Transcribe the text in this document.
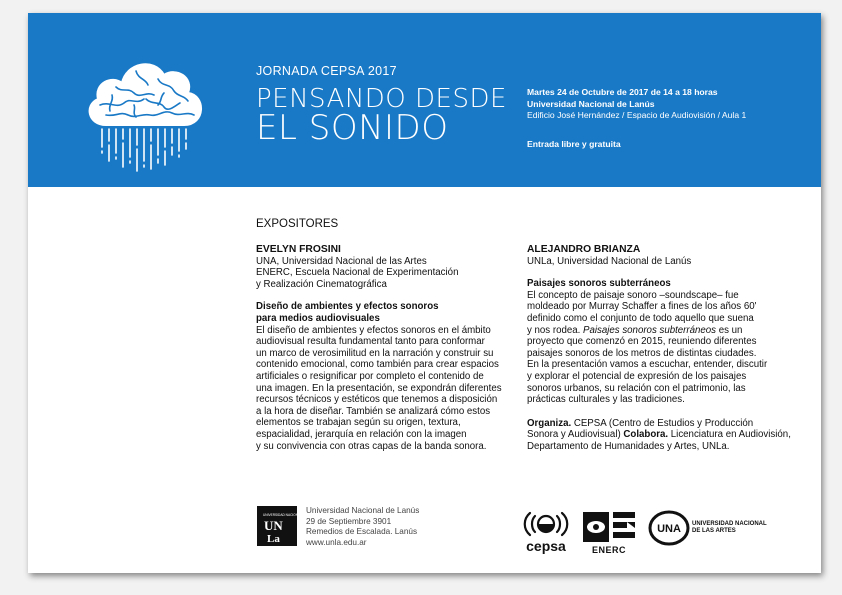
JORNADA CEPSA 2017
PENSANDO DESDE
EL SONIDO
Martes 24 de Octubre de 2017 de 14 a 18 horas
Universidad Nacional de Lanús
Edificio José Hernández / Espacio de Audiovisión / Aula 1
Entrada libre y gratuita
EXPOSITORES
EVELYN FROSINI
UNA, Universidad Nacional de las Artes
ENERC, Escuela Nacional de Experimentación
y Realización Cinematográfica
Diseño de ambientes y efectos sonoros
para medios audiovisuales
El diseño de ambientes y efectos sonoros en el ámbito
audiovisual resulta fundamental tanto para conformar
un marco de verosimilitud en la narración y construir su
contenido emocional, como también para crear espacios
artificiales o resignificar por completo el contenido de
una imagen. En la presentación, se expondrán diferentes
recursos técnicos y estéticos que tenemos a disposición
a la hora de diseñar. También se analizará cómo estos
elementos se trabajan según su origen, textura,
espacialidad, jerarquía en relación con la imagen
y su convivencia con otras capas de la banda sonora.
ALEJANDRO BRIANZA
UNLa, Universidad Nacional de Lanús
Paisajes sonoros subterráneos
El concepto de paisaje sonoro –soundscape– fue
moldeado por Murray Schaffer a fines de los años 60'
definido como el conjunto de todo aquello que suena
y nos rodea. Paisajes sonoros subterráneos es un
proyecto que comenzó en 2015, reuniendo diferentes
paisajes sonoros de los metros de distintas ciudades.
En la presentación vamos a escuchar, entender, discutir
y explorar el potencial de expresión de los paisajes
sonoros urbanos, su relación con el patrimonio, las
prácticas culturales y las tradiciones.
Organiza. CEPSA (Centro de Estudios y Producción
Sonora y Audiovisual) Colabora. Licenciatura en Audiovisión,
Departamento de Humanidades y Artes, UNLa.
UNIVERSIDAD NACIONAL DE LANÚS
UN
La
Universidad Nacional de Lanús
29 de Septiembre 3901
Remedios de Escalada. Lanús
www.unla.edu.ar	cepsa	ENERC
UNA UNIVERSIDAD NACIONAL
DE LAS ARTES
